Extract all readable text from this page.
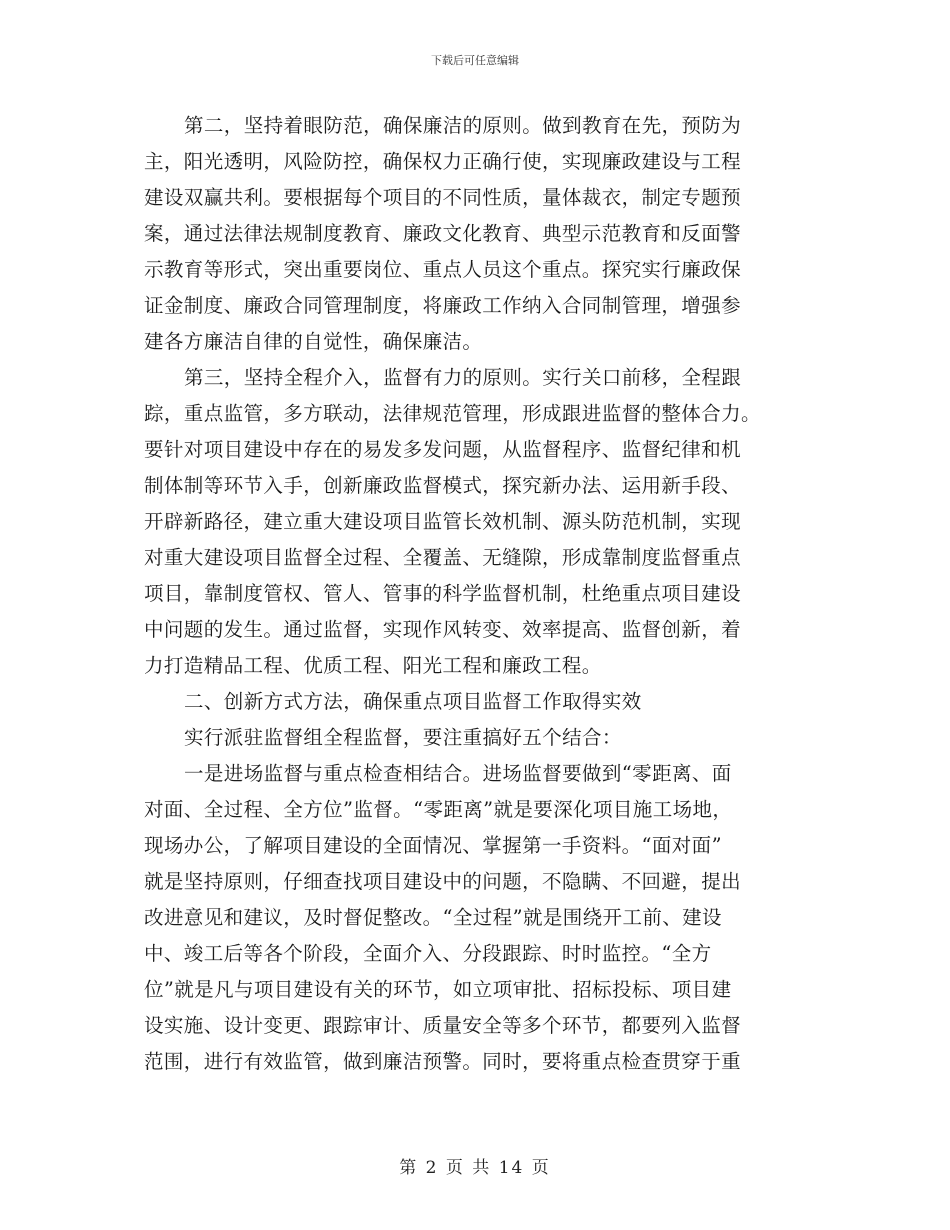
下载后可任意编辑
第二，坚持着眼防范，确保廉洁的原则。做到教育在先，预防为
主，阳光透明，风险防控，确保权力正确行使，实现廉政建设与工程
建设双赢共利。要根据每个项目的不同性质，量体裁衣，制定专题预
案，通过法律法规制度教育、廉政文化教育、典型示范教育和反面警
示教育等形式，突出重要岗位、重点人员这个重点。探究实行廉政保
证金制度、廉政合同管理制度，将廉政工作纳入合同制管理，增强参
建各方廉洁自律的自觉性，确保廉洁。
第三，坚持全程介入，监督有力的原则。实行关口前移，全程跟
踪，重点监管，多方联动，法律规范管理，形成跟进监督的整体合力。
要针对项目建设中存在的易发多发问题，从监督程序、监督纪律和机
制体制等环节入手，创新廉政监督模式，探究新办法、运用新手段、
开辟新路径，建立重大建设项目监管长效机制、源头防范机制，实现
对重大建设项目监督全过程、全覆盖、无缝隙，形成靠制度监督重点
项目，靠制度管权、管人、管事的科学监督机制，杜绝重点项目建设
中问题的发生。通过监督，实现作风转变、效率提高、监督创新，着
力打造精品工程、优质工程、阳光工程和廉政工程。
二、创新方式方法，确保重点项目监督工作取得实效
实行派驻监督组全程监督，要注重搞好五个结合：
一是进场监督与重点检查相结合。进场监督要做到“零距离、面
对面、全过程、全方位”监督。“零距离”就是要深化项目施工场地，
现场办公，了解项目建设的全面情况、掌握第一手资料。“面对面”
就是坚持原则，仔细查找项目建设中的问题，不隐瞒、不回避，提出
改进意见和建议，及时督促整改。“全过程”就是围绕开工前、建设
中、竣工后等各个阶段，全面介入、分段跟踪、时时监控。“全方
位”就是凡与项目建设有关的环节，如立项审批、招标投标、项目建
设实施、设计变更、跟踪审计、质量安全等多个环节，都要列入监督
范围，进行有效监管，做到廉洁预警。同时，要将重点检查贯穿于重
第 2 页 共 14 页
